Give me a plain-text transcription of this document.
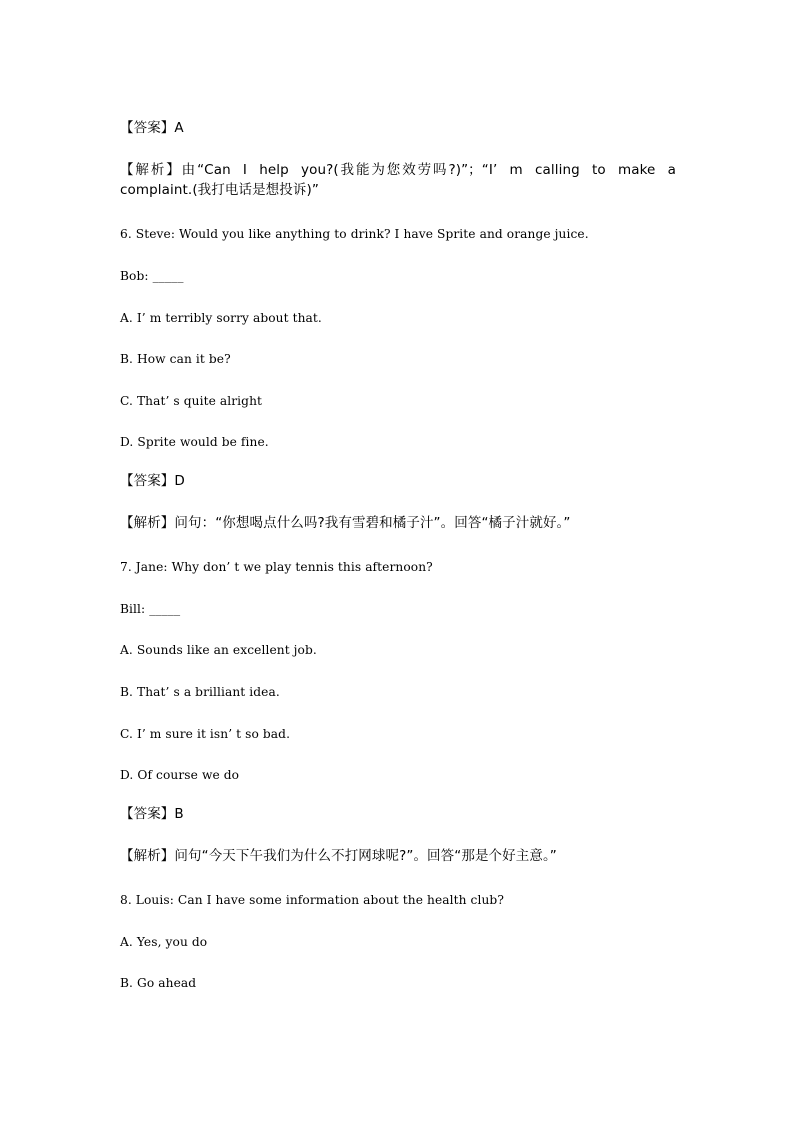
【答案】A
【解析】由“Can I help you?(我能为您效劳吗?)”；“I’ m calling to make a
complaint.(我打电话是想投诉)”
6. Steve: Would you like anything to drink? I have Sprite and orange juice.
Bob: _____
A. I’ m terribly sorry about that.
B. How can it be?
C. That’ s quite alright
D. Sprite would be fine.
【答案】D
【解析】问句：“你想喝点什么吗?我有雪碧和橘子汁”。回答“橘子汁就好。”
7. Jane: Why don’ t we play tennis this afternoon?
Bill: _____
A. Sounds like an excellent job.
B. That’ s a brilliant idea.
C. I’ m sure it isn’ t so bad.
D. Of course we do
【答案】B
【解析】问句“今天下午我们为什么不打网球呢?”。回答“那是个好主意。”
8. Louis: Can I have some information about the health club?
A. Yes, you do
B. Go ahead
